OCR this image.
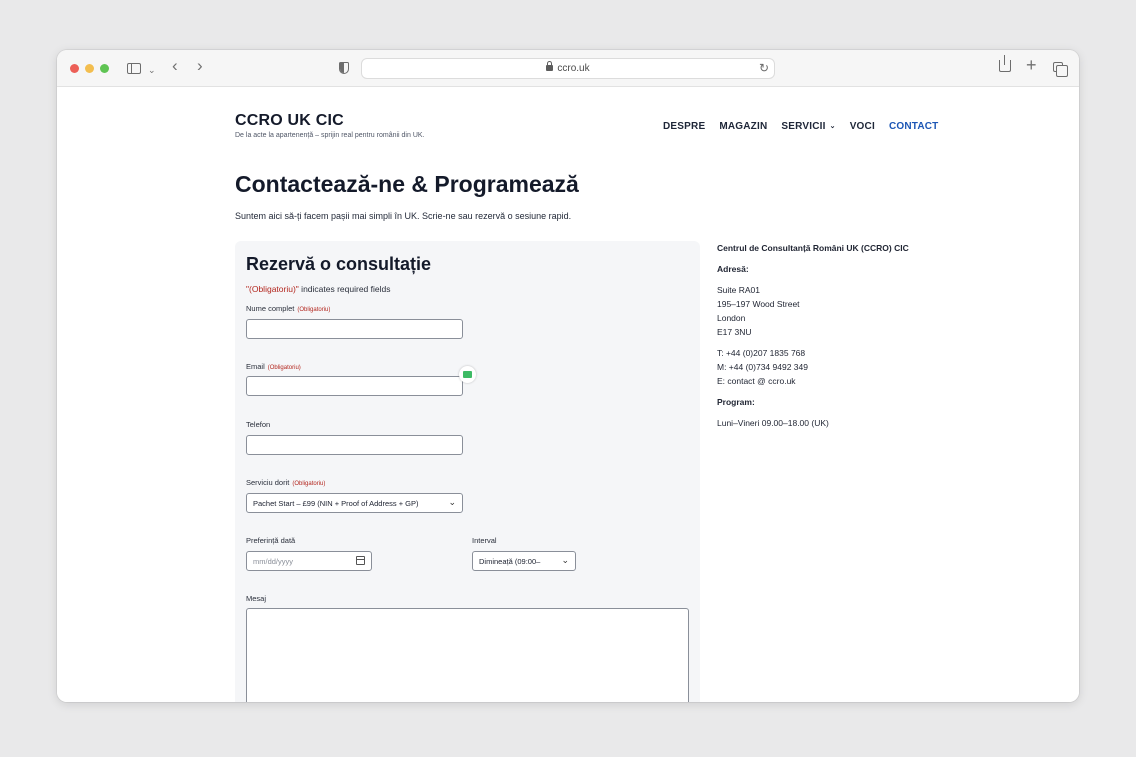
⌄ ‹ ›	ccro.uk	↻	+
CCRO UK CIC
De la acte la apartenență – sprijin real pentru românii din UK.
DESPRE MAGAZIN SERVICII ⌄ VOCI CONTACT
Contactează-ne & Programează

Suntem aici să-ți facem pașii mai simpli în UK. Scrie-ne sau rezervă o sesiune rapid.

Rezervă o consultație
"(Obligatoriu)" indicates required fields
Nume complet (Obligatoriu)
Email (Obligatoriu)
Telefon
Serviciu dorit (Obligatoriu)
Pachet Start – £99 (NIN + Proof of Address + GP)	⌄
Preferință dată
mm/dd/yyyy
Interval
Dimineață (09:00– ⌄
Mesaj
Centrul de Consultanță Români UK (CCRO) CIC
Adresă:
Suite RA01
195–197 Wood Street
London
E17 3NU
T: +44 (0)207 1835 768
M: +44 (0)734 9492 349
E: contact @ ccro.uk
Program:
Luni–Vineri 09.00–18.00 (UK)
